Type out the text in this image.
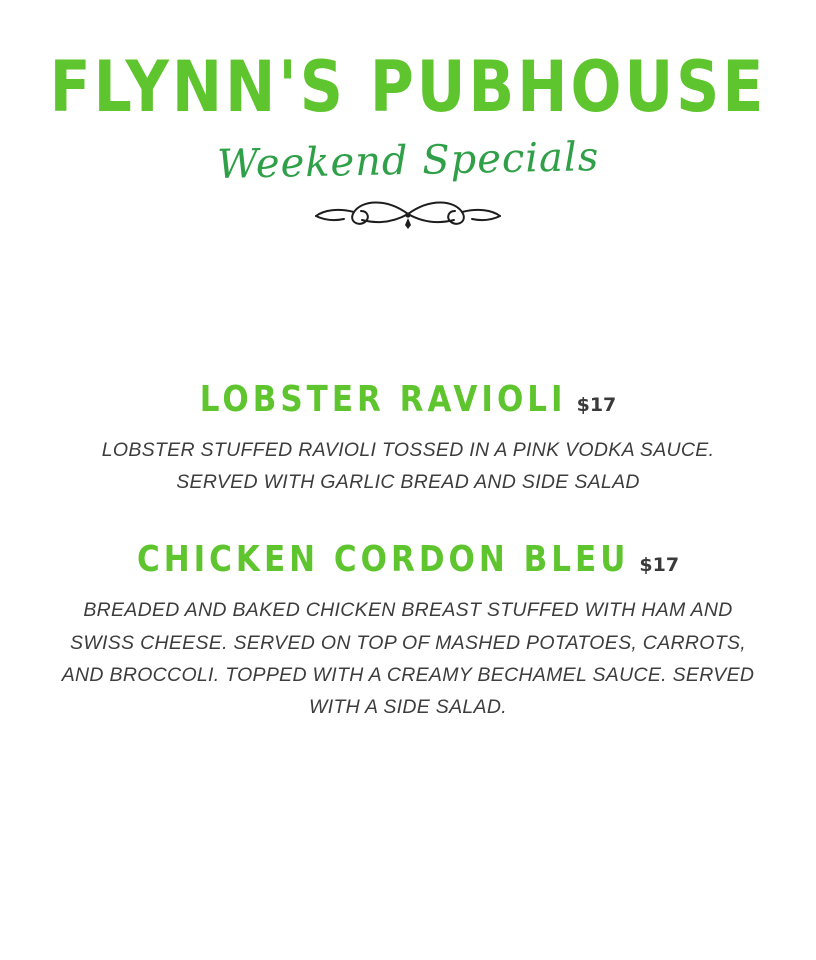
FLYNN'S PUBHOUSE
Weekend Specials
LOBSTER RAVIOLI $17
LOBSTER STUFFED RAVIOLI TOSSED IN A PINK VODKA SAUCE. SERVED WITH GARLIC BREAD AND SIDE SALAD
CHICKEN CORDON BLEU $17
BREADED AND BAKED CHICKEN BREAST STUFFED WITH HAM AND SWISS CHEESE. SERVED ON TOP OF MASHED POTATOES, CARROTS, AND BROCCOLI. TOPPED WITH A CREAMY BECHAMEL SAUCE. SERVED WITH A SIDE SALAD.
